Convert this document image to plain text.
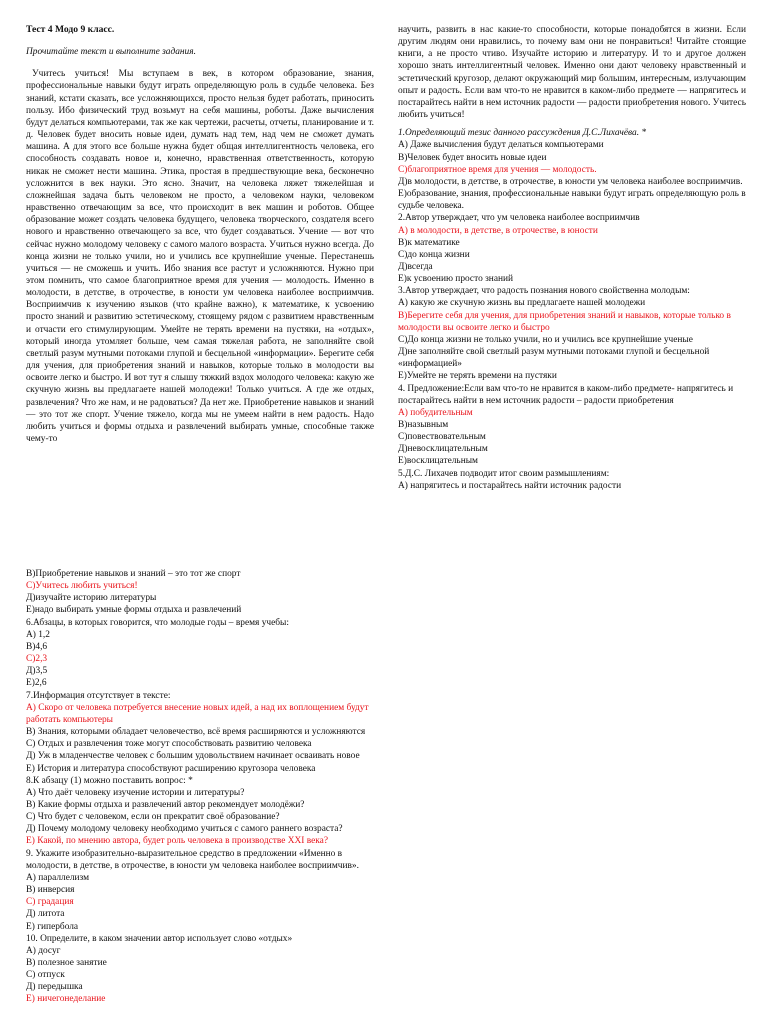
Тест 4 Модо 9 класс.

Прочитайте текст и выполните задания.

Учитесь учиться! Мы вступаем в век, в котором образование, знания, профессиональные навыки будут играть определяющую роль в судьбе человека. Без знаний, кстати сказать, все усложняющихся, просто нельзя будет работать, приносить пользу. Ибо физический труд возьмут на себя машины, роботы. Даже вычисления будут делаться компьютерами, так же как чертежи, расчеты, отчеты, планирование и т. д. Человек будет вносить новые идеи, думать над тем, над чем не сможет думать машина. А для этого все больше нужна будет общая интеллигентность человека, его способность создавать новое и, конечно, нравственная ответственность, которую никак не сможет нести машина. Этика, простая в предшествующие века, бесконечно усложнится в век науки. Это ясно. Значит, на человека ляжет тяжелейшая и сложнейшая задача быть человеком не просто, а человеком науки, человеком нравственно отвечающим за все, что происходит в век машин и роботов. Общее образование может создать человека будущего, человека творческого, создателя всего нового и нравственно отвечающего за все, что будет создаваться. Учение — вот что сейчас нужно молодому человеку с самого малого возраста. Учиться нужно всегда. До конца жизни не только учили, но и учились все крупнейшие ученые. Перестанешь учиться — не сможешь и учить. Ибо знания все растут и усложняются. Нужно при этом помнить, что самое благоприятное время для учения — молодость. Именно в молодости, в детстве, в отрочестве, в юности ум человека наиболее восприимчив. Восприимчив к изучению языков (что крайне важно), к математике, к усвоению просто знаний и развитию эстетическому, стоящему рядом с развитием нравственным и отчасти его стимулирующим. Умейте не терять времени на пустяки, на «отдых», который иногда утомляет больше, чем самая тяжелая работа, не заполняйте свой светлый разум мутными потоками глупой и бесцельной «информации». Берегите себя для учения, для приобретения знаний и навыков, которые только в молодости вы освоите легко и быстро. И вот тут я слышу тяжкий вздох молодого человека: какую же скучную жизнь вы предлагаете нашей молодежи! Только учиться. А где же отдых, развлечения? Что же нам, и не радоваться? Да нет же. Приобретение навыков и знаний — это тот же спорт. Учение тяжело, когда мы не умеем найти в нем радость. Надо любить учиться и формы отдыха и развлечений выбирать умные, способные также чему-то

научить, развить в нас какие-то способности, которые понадобятся в жизни. Если другим людям они нравились, то почему вам они не понравиться! Читайте стоящие книги, а не просто чтиво. Изучайте историю и литературу. И то и другое должен хорошо знать интеллигентный человек. Именно они дают человеку нравственный и эстетический кругозор, делают окружающий мир большим, интересным, излучающим опыт и радость. Если вам что-то не нравится в каком-либо предмете — напрягитесь и постарайтесь найти в нем источник радости — радости приобретения нового. Учитесь любить учиться!

1.Определяющий тезис данного рассуждения Д.С.Лихачёва. *

А) Даже вычисления будут делаться компьютерами

В)Человек будет вносить новые идеи

С)благоприятное время для учения — молодость.

Д)в молодости, в детстве, в отрочестве, в юности ум человека наиболее восприимчив.

Е)образование, знания, профессиональные навыки будут играть определяющую роль в судьбе человека.

2.Автор утверждает, что ум человека наиболее восприимчив

А) в молодости, в детстве, в отрочестве, в юности

В)к математике

С)до конца жизни

Д)всегда

Е)к усвоению просто знаний

3.Автор утверждает, что радость познания нового свойственна молодым:

А) какую же скучную жизнь вы предлагаете нашей молодежи

В)Берегите себя для учения, для приобретения знаний и навыков, которые только в молодости вы освоите легко и быстро

С)До конца жизни не только учили, но и учились все крупнейшие ученые

Д)не заполняйте свой светлый разум мутными потоками глупой и бесцельной «информацией»

Е)Умейте не терять времени на пустяки

4. Предложение:Если вам что-то не нравится в каком-либо предмете- напрягитесь и постарайтесь найти в нем источник радости – радости приобретения

А) побудительным

В)назывным

С)повествовательным

Д)невосклицательным

Е)восклицательным

5.Д.С. Лихачев подводит итог своим размышлениям:

А) напрягитесь и постарайтесь найти источник радости

В)Приобретение навыков и знаний – это тот же спорт

С)Учитесь любить учиться!

Д)изучайте историю литературы

Е)надо выбирать умные формы отдыха и развлечений

6.Абзацы, в которых говорится, что молодые годы – время учебы:

А) 1,2

В)4,6

С)2,3

Д)3,5

Е)2,6

7.Информация отсутствует в тексте:

А) Скоро от человека потребуется внесение новых идей, а над их воплощением будут работать компьютеры

В) Знания, которыми обладает человечество, всё время расширяются и усложняются

С) Отдых и развлечения тоже могут способствовать развитию человека

Д) Уж в младенчестве человек с большим удовольствием начинает осваивать новое

Е) История и литература способствуют расширению кругозора человека

8.К абзацу (1) можно поставить вопрос: *

А) Что даёт человеку изучение истории и литературы?

В) Какие формы отдыха и развлечений автор рекомендует молодёжи?

С) Что будет с человеком, если он прекратит своё образование?

Д) Почему молодому человеку необходимо учиться с самого раннего возраста?

Е) Какой, по мнению автора, будет роль человека в производстве XXI века?

9. Укажите изобразительно-выразительное средство в предложении «Именно в молодости, в детстве, в отрочестве, в юности ум человека наиболее восприимчив».

А) параллелизм

В) инверсия

С) градация

Д) литота

Е) гипербола

10. Определите, в каком значении автор использует слово «отдых»

А) досуг

В) полезное занятие

С) отпуск

Д) передышка

Е) ничегонеделание
